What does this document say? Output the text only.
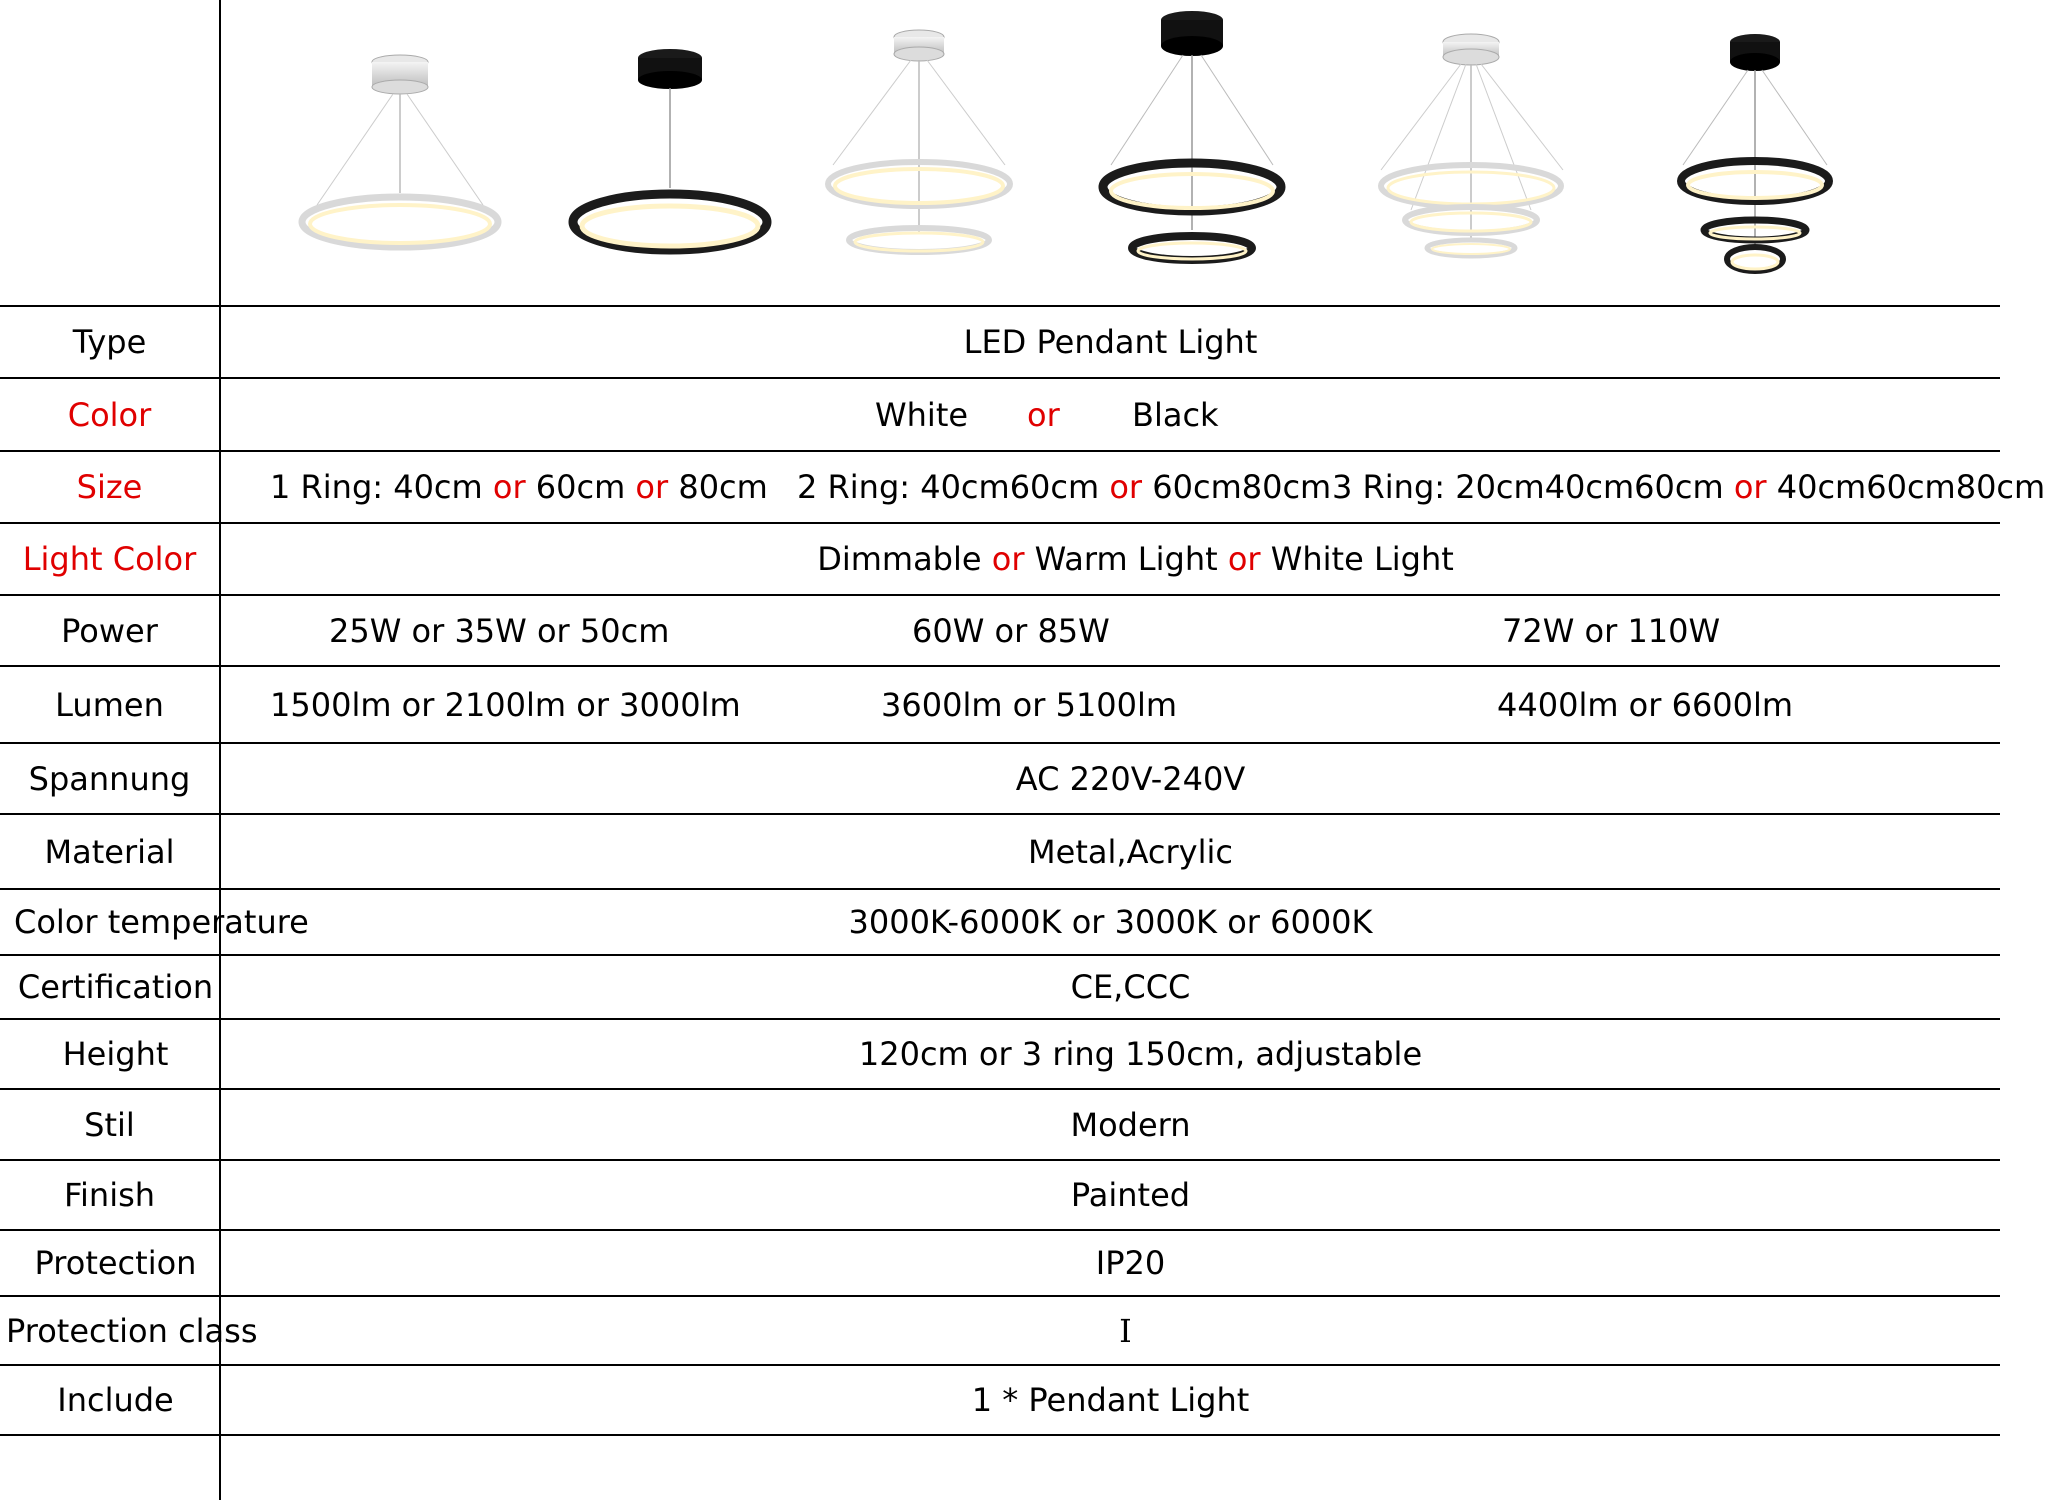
Type	LED Pendant Light
Color	White or Black
Size	1 Ring: 40cm or 60cm or 80cm 2 Ring: 40cm60cm or 60cm80cm 3 Ring: 20cm40cm60cm or 40cm60cm80cm
Light Color	Dimmable or Warm Light or White Light
Power	25W or 35W or 50cm	60W or 85W	72W or 110W
Lumen	1500lm or 2100lm or 3000lm	3600lm or 5100lm	4400lm or 6600lm
Spannung	AC 220V-240V
Material	Metal,Acrylic
Color temperature	3000K-6000K or 3000K or 6000K
Certification	CE,CCC
Height	120cm or 3 ring 150cm, adjustable
Stil	Modern
Finish	Painted
Protection	IP20
Protection class	I
Include	1 * Pendant Light
